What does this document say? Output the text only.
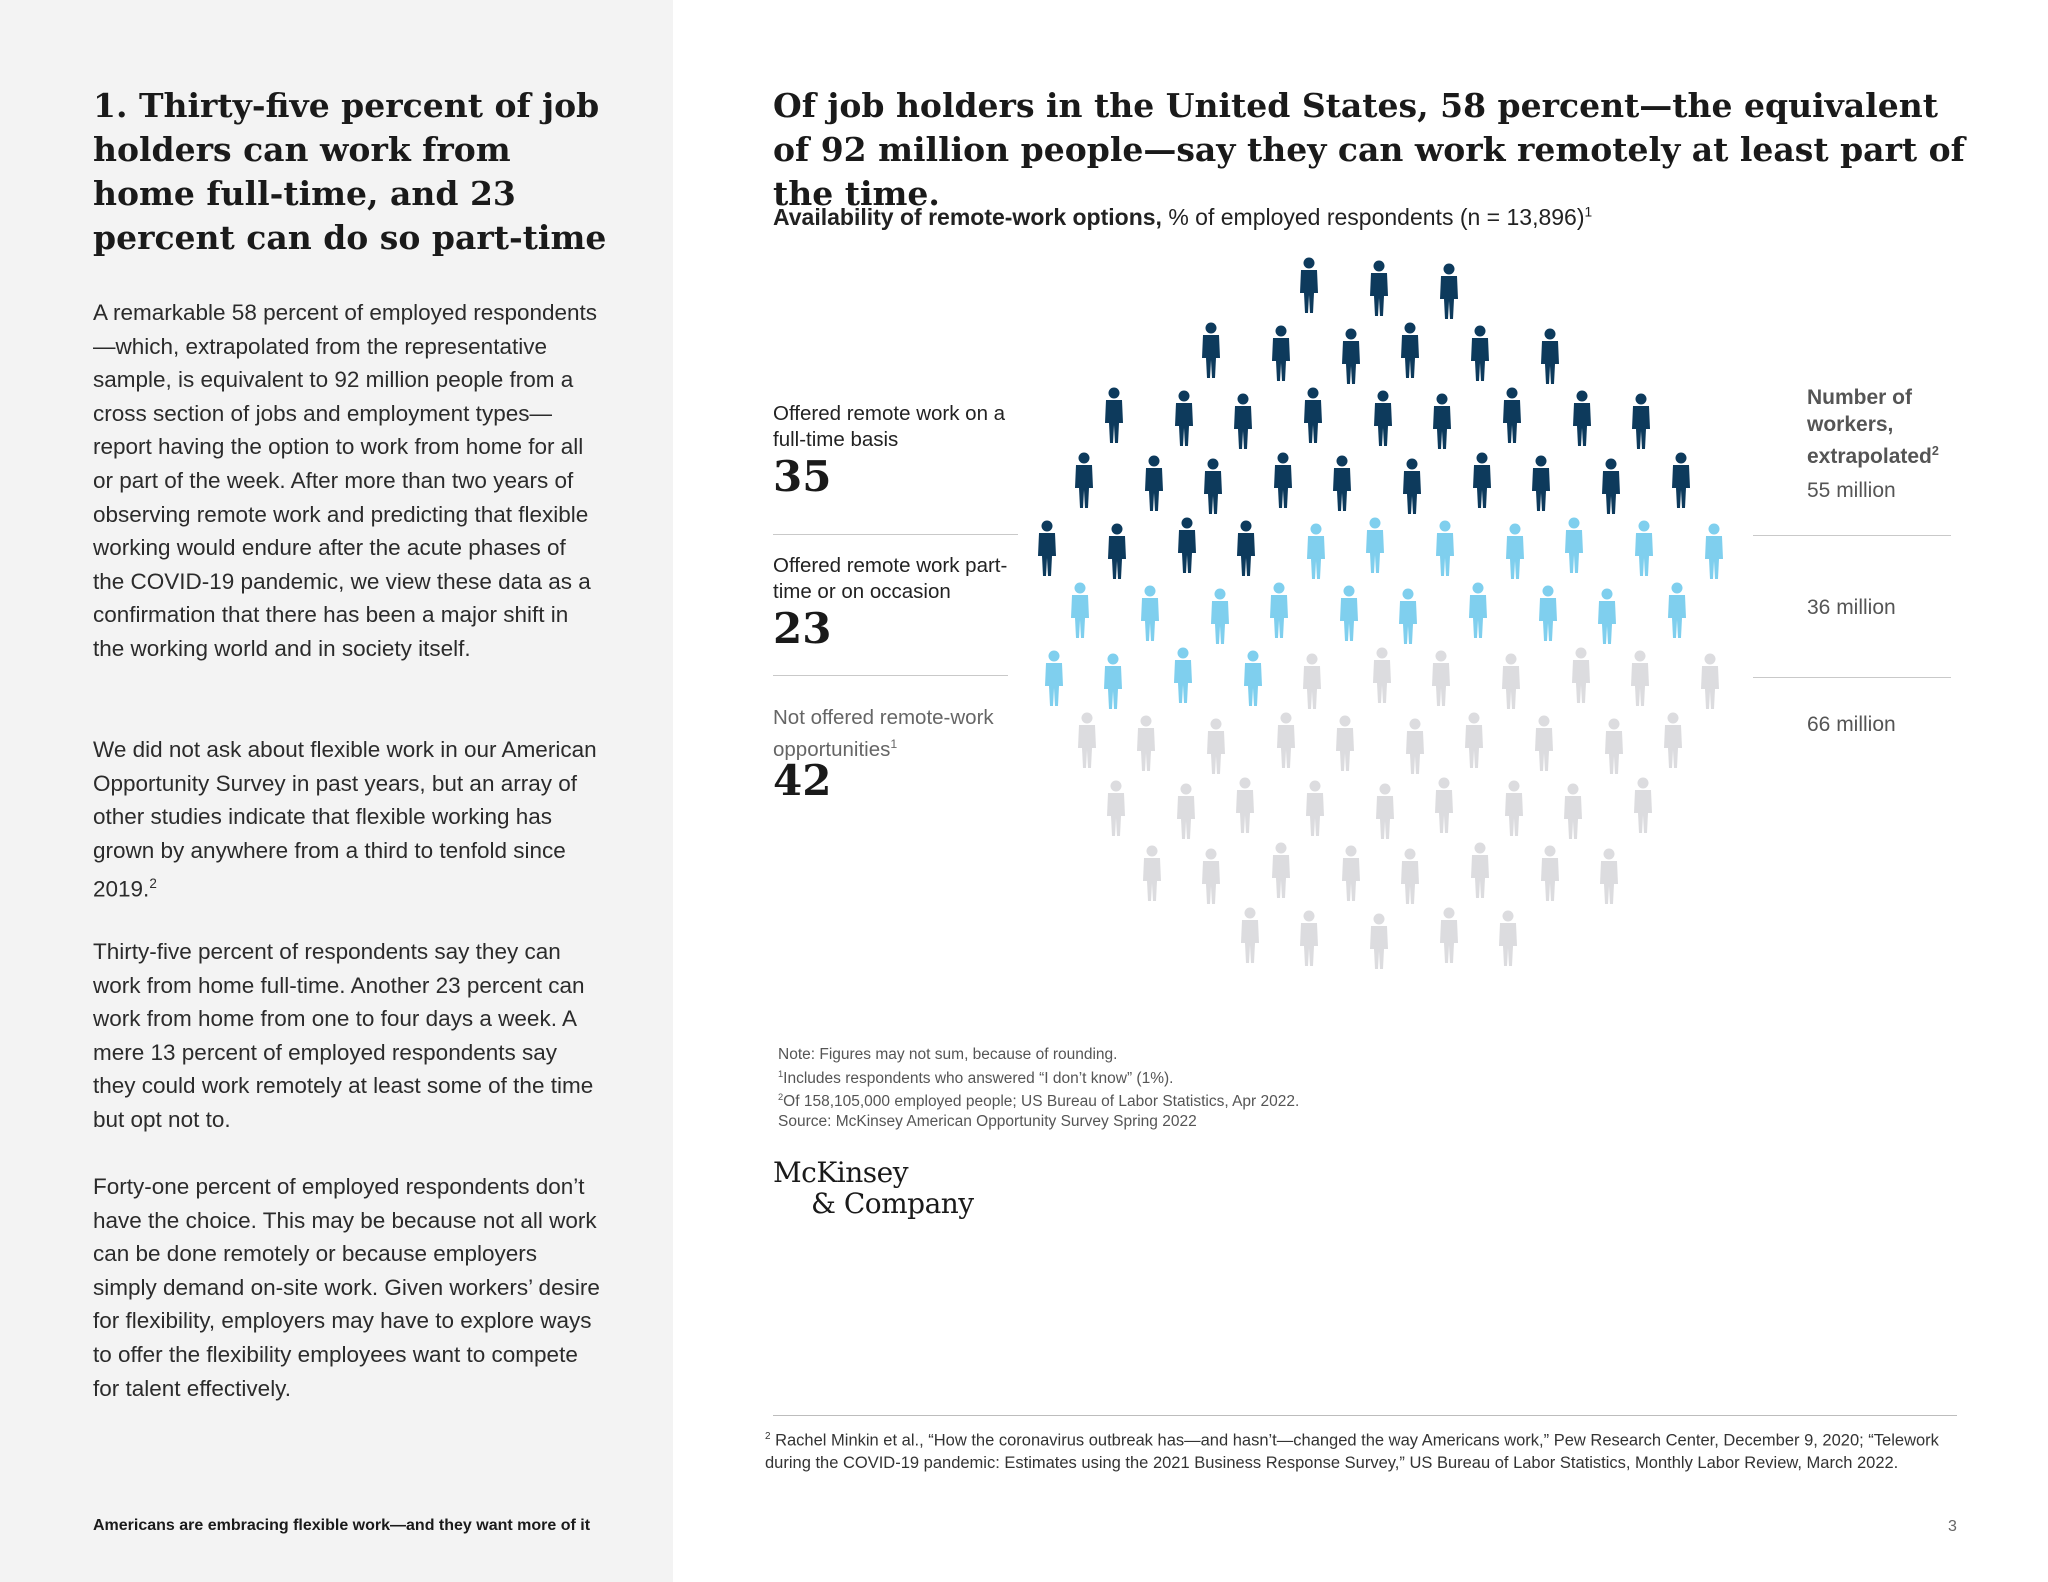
1. Thirty-five percent of job holders can work from home full-time, and 23 percent can do so part-time

A remarkable 58 percent of employed respondents—which, extrapolated from the representative sample, is equivalent to 92 million people from a cross section of jobs and employment types—report having the option to work from home for all or part of the week. After more than two years of observing remote work and predicting that flexible working would endure after the acute phases of the COVID-19 pandemic, we view these data as a confirmation that there has been a major shift in the working world and in society itself.

We did not ask about flexible work in our American Opportunity Survey in past years, but an array of other studies indicate that flexible working has grown by anywhere from a third to tenfold since 2019.$^2$

Thirty-five percent of respondents say they can work from home full-time. Another 23 percent can work from home from one to four days a week. A mere 13 percent of employed respondents say they could work remotely at least some of the time but opt not to.

Forty-one percent of employed respondents don’t have the choice. This may be because not all work can be done remotely or because employers simply demand on-site work. Given workers’ desire for flexibility, employers may have to explore ways to offer the flexibility employees want to compete for talent effectively.

Americans are embracing flexible work—and they want more of it
Of job holders in the United States, 58 percent—the equivalent of 92 million people—say they can work remotely at least part of the time.
Availability of remote-work options, % of employed respondents (n = 13,896)$^1$
Offered remote work on a full-time basis
35
Offered remote work part-time or on occasion
23
Not offered remote-work opportunities$^1$
42
Number of workers, extrapolated$^2$
55 million
36 million
66 million
Note: Figures may not sum, because of rounding.
$^1$Includes respondents who answered “I don’t know” (1%).
$^2$Of 158,105,000 employed people; US Bureau of Labor Statistics, Apr 2022.
Source: McKinsey American Opportunity Survey Spring 2022
McKinsey
& Company
$^2$ Rachel Minkin et al., “How the coronavirus outbreak has—and hasn’t—changed the way Americans work,” Pew Research Center, December 9, 2020; “Telework during the COVID-19 pandemic: Estimates using the 2021 Business Response Survey,” US Bureau of Labor Statistics, Monthly Labor Review, March 2022.
3
